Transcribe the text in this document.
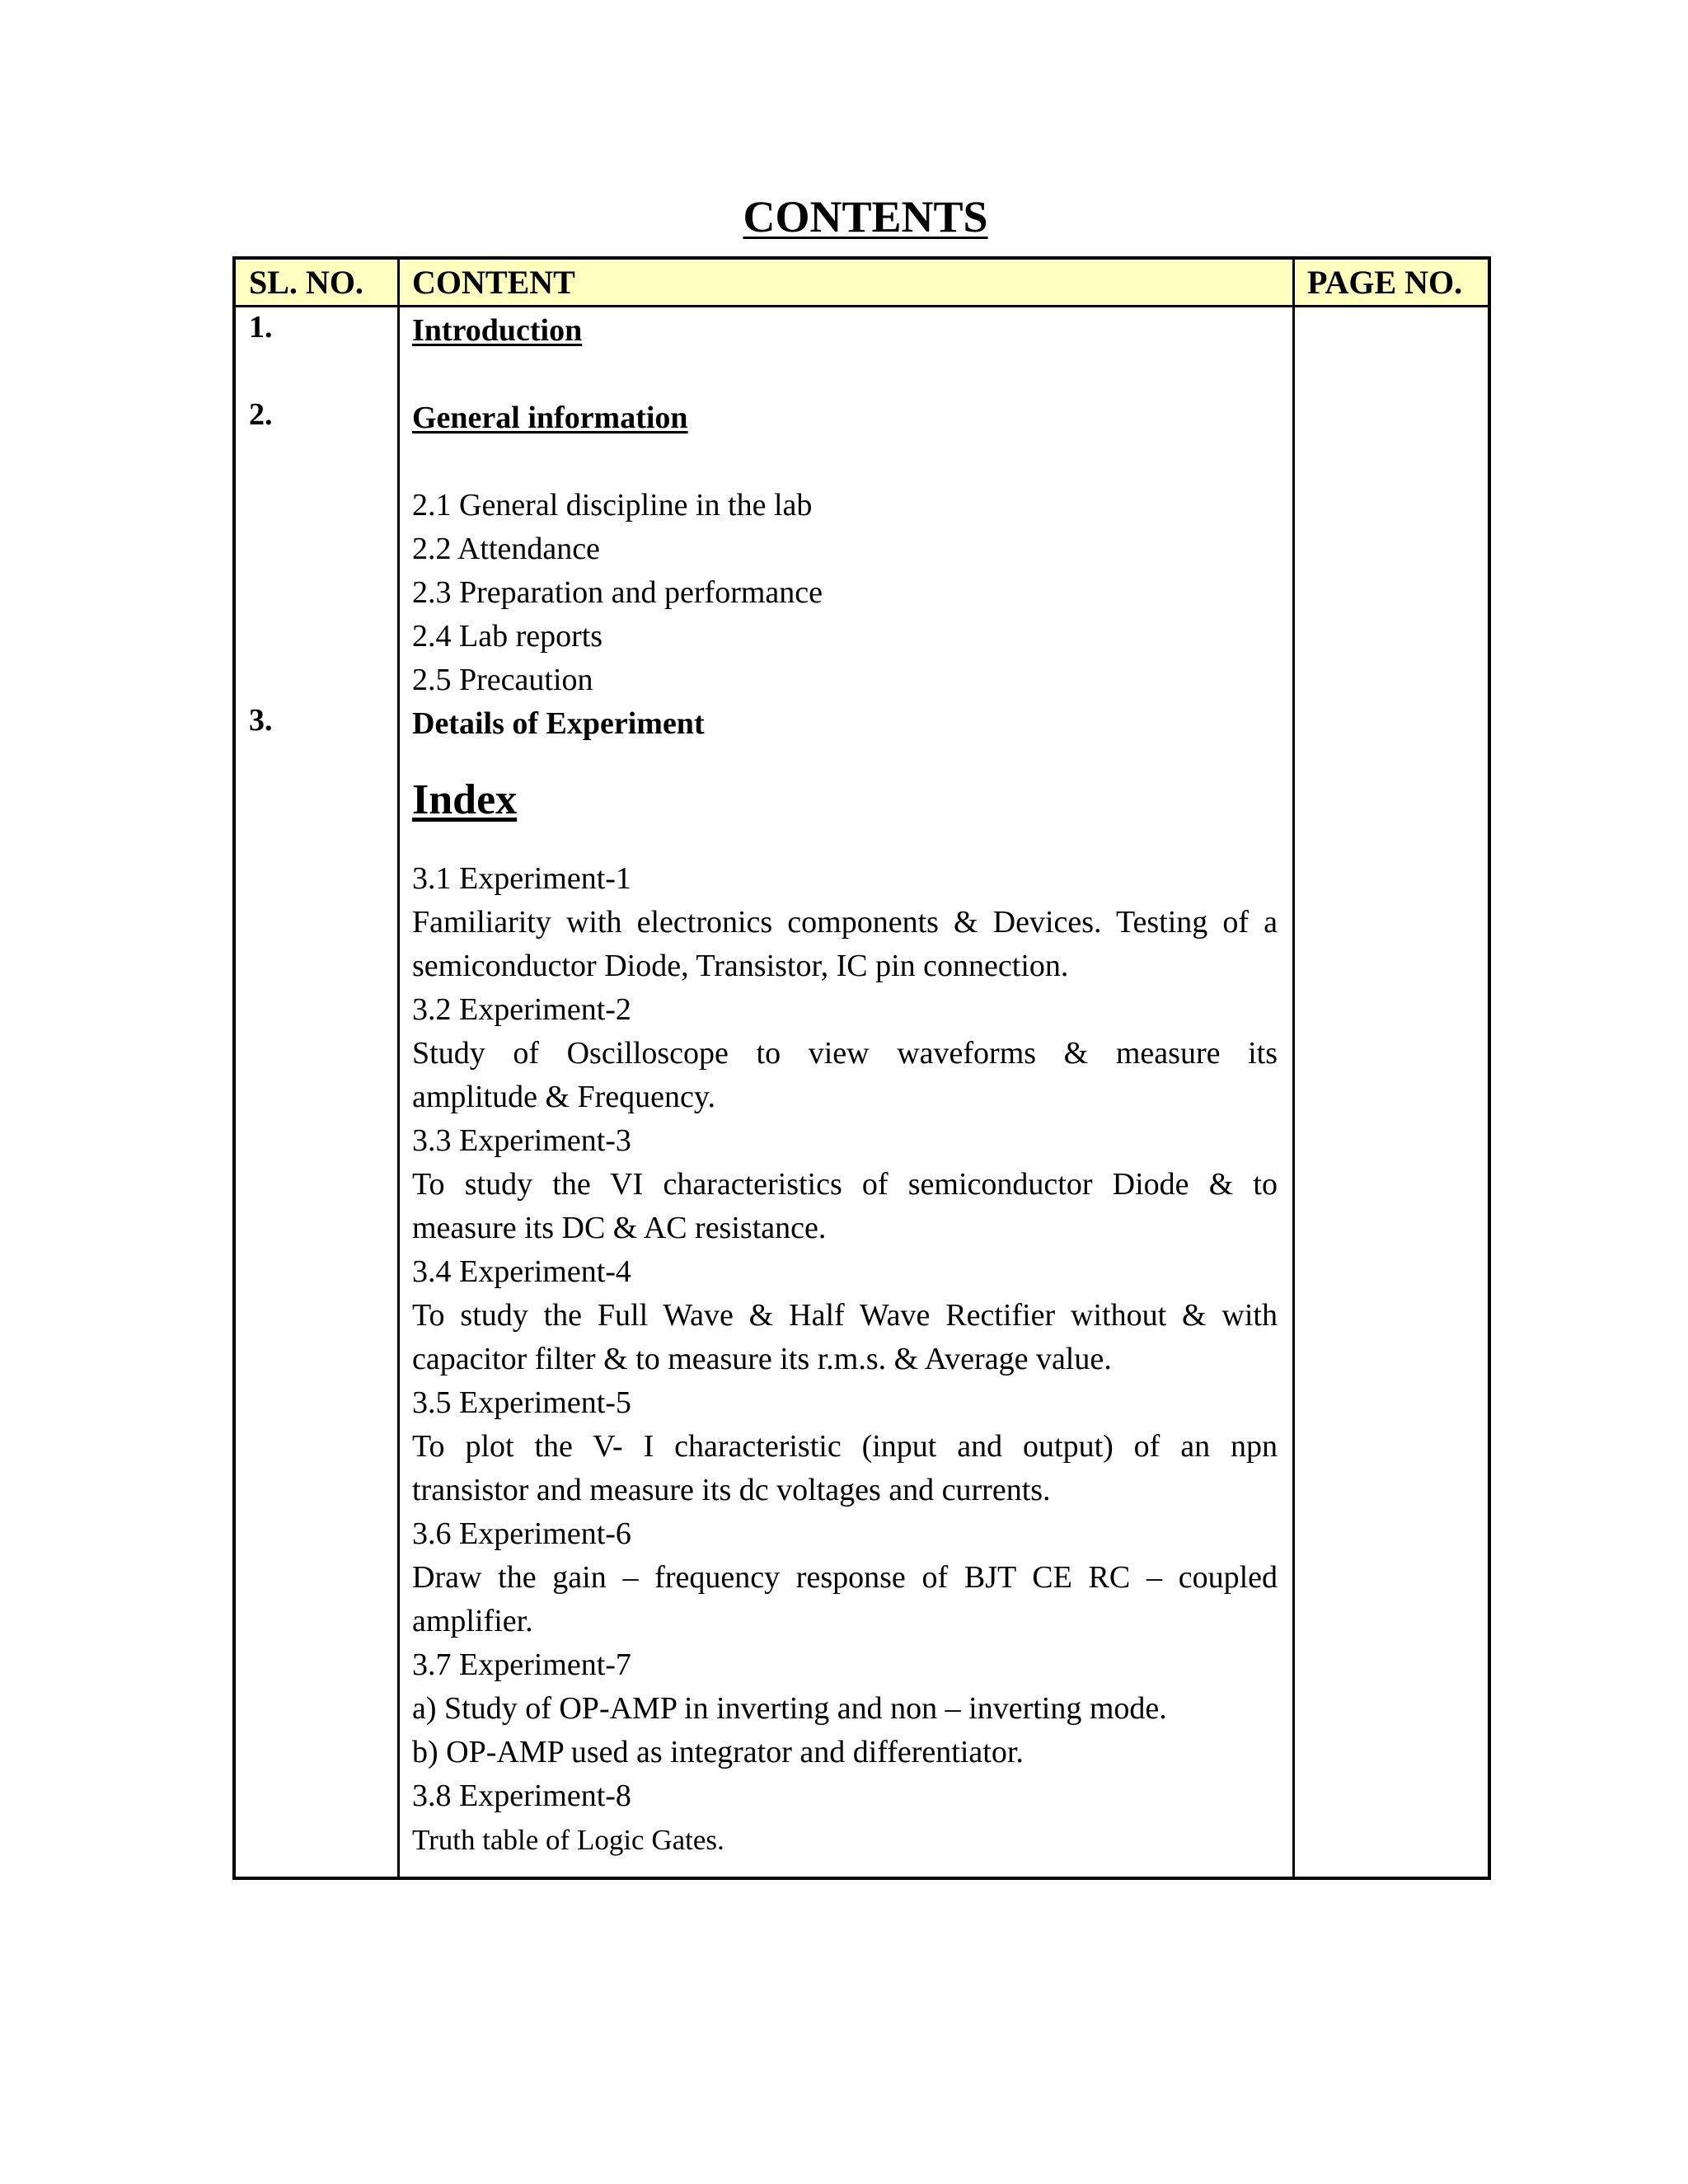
CONTENTS
SL. NO. CONTENT	PAGE NO.
1.
2.
3.

Introduction

General information

2.1 General discipline in the lab

2.2 Attendance

2.3 Preparation and performance

2.4 Lab reports

2.5 Precaution

Details of Experiment

Index

3.1 Experiment-1

Familiarity with electronics components & Devices. Testing of a

semiconductor Diode, Transistor, IC pin connection.

3.2 Experiment-2

Study of Oscilloscope to view waveforms & measure its

amplitude & Frequency.

3.3 Experiment-3

To study the VI characteristics of semiconductor Diode & to

measure its DC & AC resistance.

3.4 Experiment-4

To study the Full Wave & Half Wave Rectifier without & with

capacitor filter & to measure its r.m.s. & Average value.

3.5 Experiment-5

To plot the V- I characteristic (input and output) of an npn

transistor and measure its dc voltages and currents.

3.6 Experiment-6

Draw the gain – frequency response of BJT CE RC – coupled

amplifier.

3.7 Experiment-7

a) Study of OP-AMP in inverting and non – inverting mode.

b) OP-AMP used as integrator and differentiator.

3.8 Experiment-8

Truth table of Logic Gates.
